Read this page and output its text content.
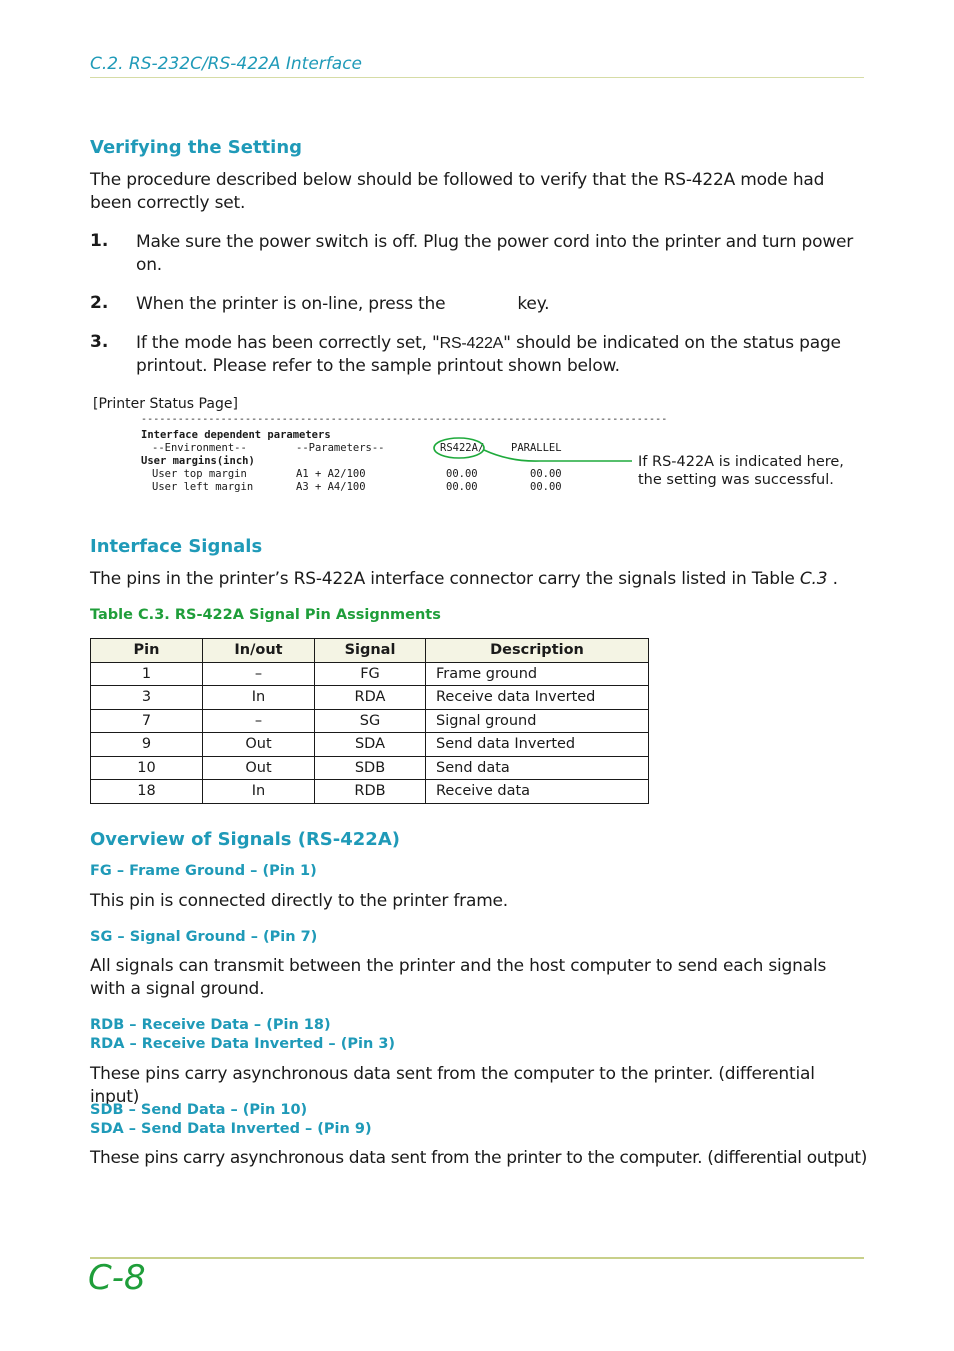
C.2. RS-232C/RS-422A Interface
Verifying the Setting
The procedure described below should be followed to verify that the RS-422A mode had been correctly set.
1. Make sure the power switch is off. Plug the power cord into the printer and turn power on.
2. When the printer is on-line, press the	key.
3. If the mode has been correctly set, "RS-422A" should be indicated on the status page printout. Please refer to the sample printout shown below.
[Printer Status Page]
--------------------------------------------------------------------------------------
Interface dependent parameters
--Environment--	--Parameters--	RS422A/	PARALLEL
User margins(inch)
User top margin	A1 + A2/100	00.00	00.00
User left margin	A3 + A4/100	00.00	00.00
If RS-422A is indicated here,
the setting was successful.
Interface Signals
The pins in the printer’s RS-422A interface connector carry the signals listed in Table C.3 .
Table C.3. RS-422A Signal Pin Assignments
Pin	In/out	Signal	Description
1	–	FG	Frame ground
3	In	RDA	Receive data Inverted
7	–	SG	Signal ground
9	Out	SDA	Send data Inverted
10	Out	SDB	Send data
18	In	RDB	Receive data
Overview of Signals (RS-422A)
FG – Frame Ground – (Pin 1)
This pin is connected directly to the printer frame.
SG – Signal Ground – (Pin 7)
All signals can transmit between the printer and the host computer to send each signals with a signal ground.
RDB – Receive Data – (Pin 18)
RDA – Receive Data Inverted – (Pin 3)
These pins carry asynchronous data sent from the computer to the printer. (differential input)
SDB – Send Data – (Pin 10)
SDA – Send Data Inverted – (Pin 9)
These pins carry asynchronous data sent from the printer to the computer. (differential output)
C-8
